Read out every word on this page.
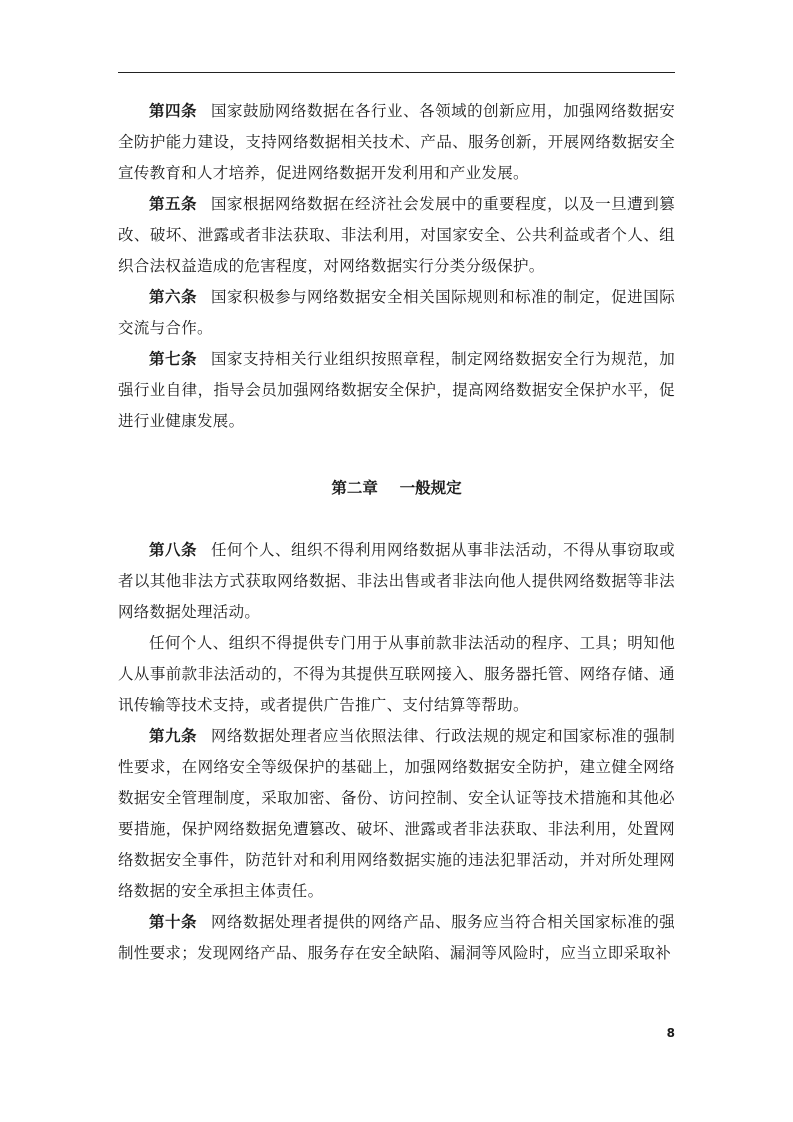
第四条 国家鼓励网络数据在各行业、各领域的创新应用，加强网络数据安全防护能力建设，支持网络数据相关技术、产品、服务创新，开展网络数据安全宣传教育和人才培养，促进网络数据开发利用和产业发展。

第五条 国家根据网络数据在经济社会发展中的重要程度，以及一旦遭到篡改、破坏、泄露或者非法获取、非法利用，对国家安全、公共利益或者个人、组织合法权益造成的危害程度，对网络数据实行分类分级保护。

第六条 国家积极参与网络数据安全相关国际规则和标准的制定，促进国际交流与合作。

第七条 国家支持相关行业组织按照章程，制定网络数据安全行为规范，加强行业自律，指导会员加强网络数据安全保护，提高网络数据安全保护水平，促进行业健康发展。

第二章 一般规定

第八条 任何个人、组织不得利用网络数据从事非法活动，不得从事窃取或者以其他非法方式获取网络数据、非法出售或者非法向他人提供网络数据等非法网络数据处理活动。

任何个人、组织不得提供专门用于从事前款非法活动的程序、工具；明知他人从事前款非法活动的，不得为其提供互联网接入、服务器托管、网络存储、通讯传输等技术支持，或者提供广告推广、支付结算等帮助。

第九条 网络数据处理者应当依照法律、行政法规的规定和国家标准的强制性要求，在网络安全等级保护的基础上，加强网络数据安全防护，建立健全网络数据安全管理制度，采取加密、备份、访问控制、安全认证等技术措施和其他必要措施，保护网络数据免遭篡改、破坏、泄露或者非法获取、非法利用，处置网络数据安全事件，防范针对和利用网络数据实施的违法犯罪活动，并对所处理网络数据的安全承担主体责任。

第十条 网络数据处理者提供的网络产品、服务应当符合相关国家标准的强制性要求；发现网络产品、服务存在安全缺陷、漏洞等风险时，应当立即采取补

8
